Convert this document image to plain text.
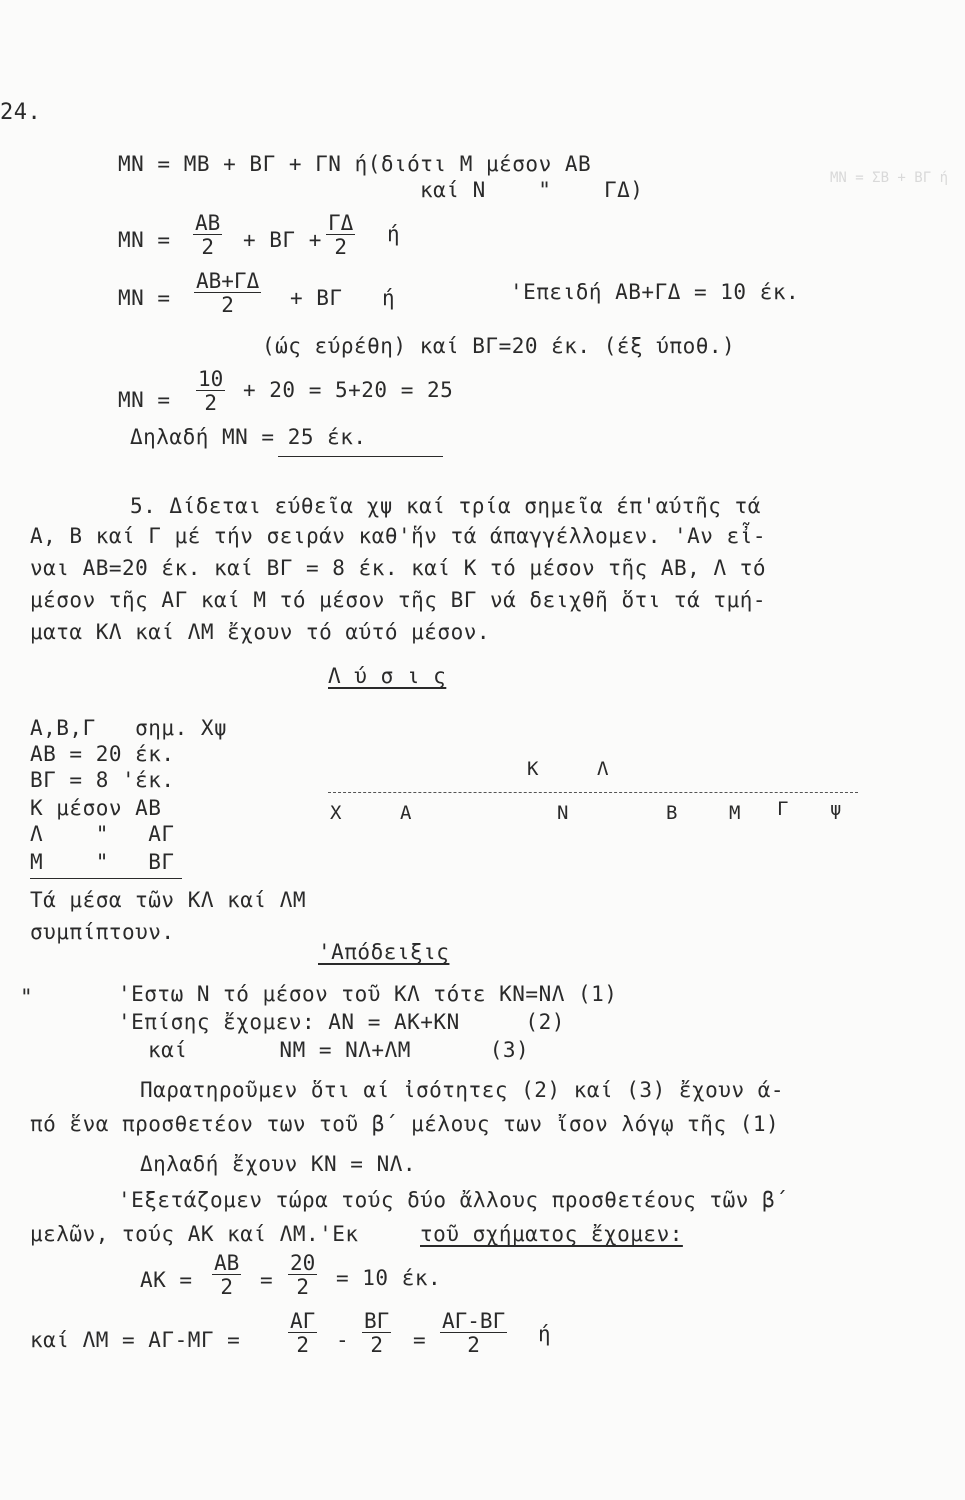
MN = ΣB + BΓ ή
24.
MN = MB + BΓ + ΓN ή(διότι M μέσον AB
καί N    "    ΓΔ)
MN = $\frac{AB}{2} + B\Gamma + \frac{\Gamma\Delta}{2}$ ή
MN = $\frac{AB+\Gamma\Delta}{2} + B\Gamma$   ή	'Επειδή AB+ΓΔ = 10 έκ.
(ώς εύρέθη) καί BΓ=20 έκ. (έξ ύποθ.)
MN = $\frac{10}{2} + 20 = 5+20 = 25$
Δηλαδή MN = 25 έκ.
5. Δίδεται εύθεῖα χψ καί τρία σημεῖα έπ'αύτῆς τά
A, B καί Γ μέ τήν σειράν καθ'ἥν τά άπαγγέλλομεν. 'Αν εἶ-
ναι AB=20 έκ. καί BΓ = 8 έκ. καί K τό μέσον τῆς AB, Λ τό
μέσον τῆς AΓ καί M τό μέσον τῆς BΓ νά δειχθῆ ὅτι τά τμή-
ματα KΛ καί ΛM ἔχουν τό αύτό μέσον.
Λ ύ σ ι ς
A,B,Γ   σημ. Xψ
AB = 20 έκ.
BΓ = 8 'έκ.
K μέσον AB
Λ    "   AΓ
M    "   BΓ
Τά μέσα τῶν KΛ καί ΛM
συμπίπτουν.
K	Λ
X	A	N	B	M Γ ψ
'Απόδειξις
"	'Εστω N τό μέσον τοῦ KΛ τότε KN=NΛ (1)
'Επίσης ἔχομεν: AN = AK+KN     (2)
καί       NM = NΛ+ΛM      (3)
Παρατηροῦμεν ὅτι αί ἰσότητες (2) καί (3) ἔχουν ά-
πό ἕνα προσθετέον των τοῦ β´ μέλους των ἴσον λόγῳ τῆς (1)
Δηλαδή ἔχουν KN = NΛ.
'Εξετάζομεν τώρα τούς δύο ἄλλους προσθετέους τῶν β´
μελῶν, τούς AK καί ΛM.'Εκ	τοῦ σχήματος ἔχομεν:
AK = $\frac{AB}{2} = \frac{20}{2} = 10$ έκ.
καί $\Lambda M = A\Gamma-M\Gamma = \frac{A\Gamma}{2} - \frac{B\Gamma}{2} = \frac{A\Gamma-B\Gamma}{2}$ ή
